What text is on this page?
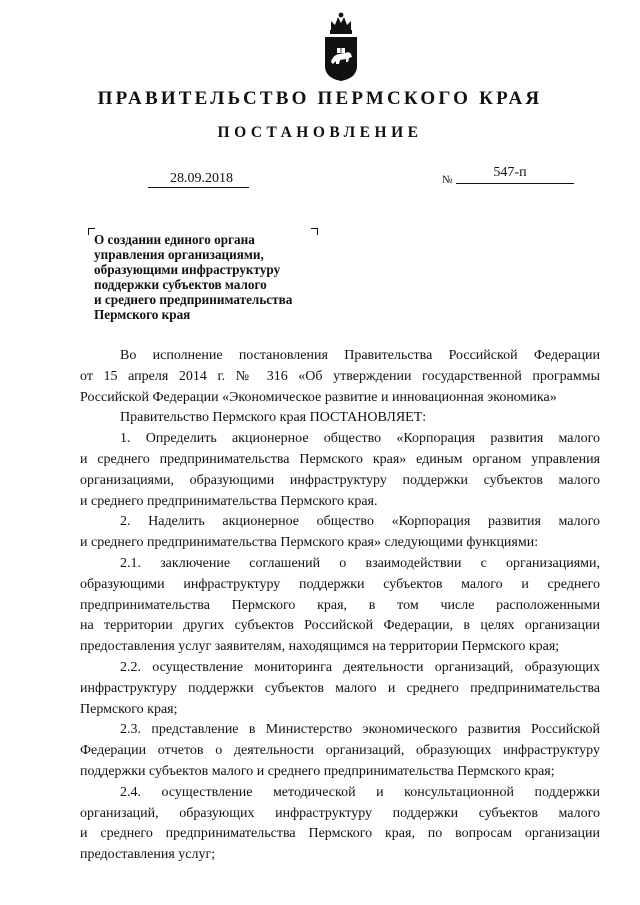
ПРАВИТЕЛЬСТВО ПЕРМСКОГО КРАЯ
ПОСТАНОВЛЕНИЕ
28.09.2018	№	547-п
О создании единого органа
управления организациями,
образующими инфраструктуру
поддержки субъектов малого
и среднего предпринимательства
Пермского края

Во исполнение постановления Правительства Российской Федерации

от 15 апреля 2014 г. № 316 «Об утверждении государственной программы

Российской Федерации «Экономическое развитие и инновационная экономика»

Правительство Пермского края ПОСТАНОВЛЯЕТ:

1. Определить акционерное общество «Корпорация развития малого

и среднего предпринимательства Пермского края» единым органом управления

организациями, образующими инфраструктуру поддержки субъектов малого

и среднего предпринимательства Пермского края.

2. Наделить акционерное общество «Корпорация развития малого

и среднего предпринимательства Пермского края» следующими функциями:

2.1. заключение соглашений о взаимодействии с организациями,

образующими инфраструктуру поддержки субъектов малого и среднего

предпринимательства Пермского края, в том числе расположенными

на территории других субъектов Российской Федерации, в целях организации

предоставления услуг заявителям, находящимся на территории Пермского края;

2.2. осуществление мониторинга деятельности организаций, образующих

инфраструктуру поддержки субъектов малого и среднего предпринимательства

Пермского края;

2.3. представление в Министерство экономического развития Российской

Федерации отчетов о деятельности организаций, образующих инфраструктуру

поддержки субъектов малого и среднего предпринимательства Пермского края;

2.4. осуществление методической и консультационной поддержки

организаций, образующих инфраструктуру поддержки субъектов малого

и среднего предпринимательства Пермского края, по вопросам организации

предоставления услуг;
